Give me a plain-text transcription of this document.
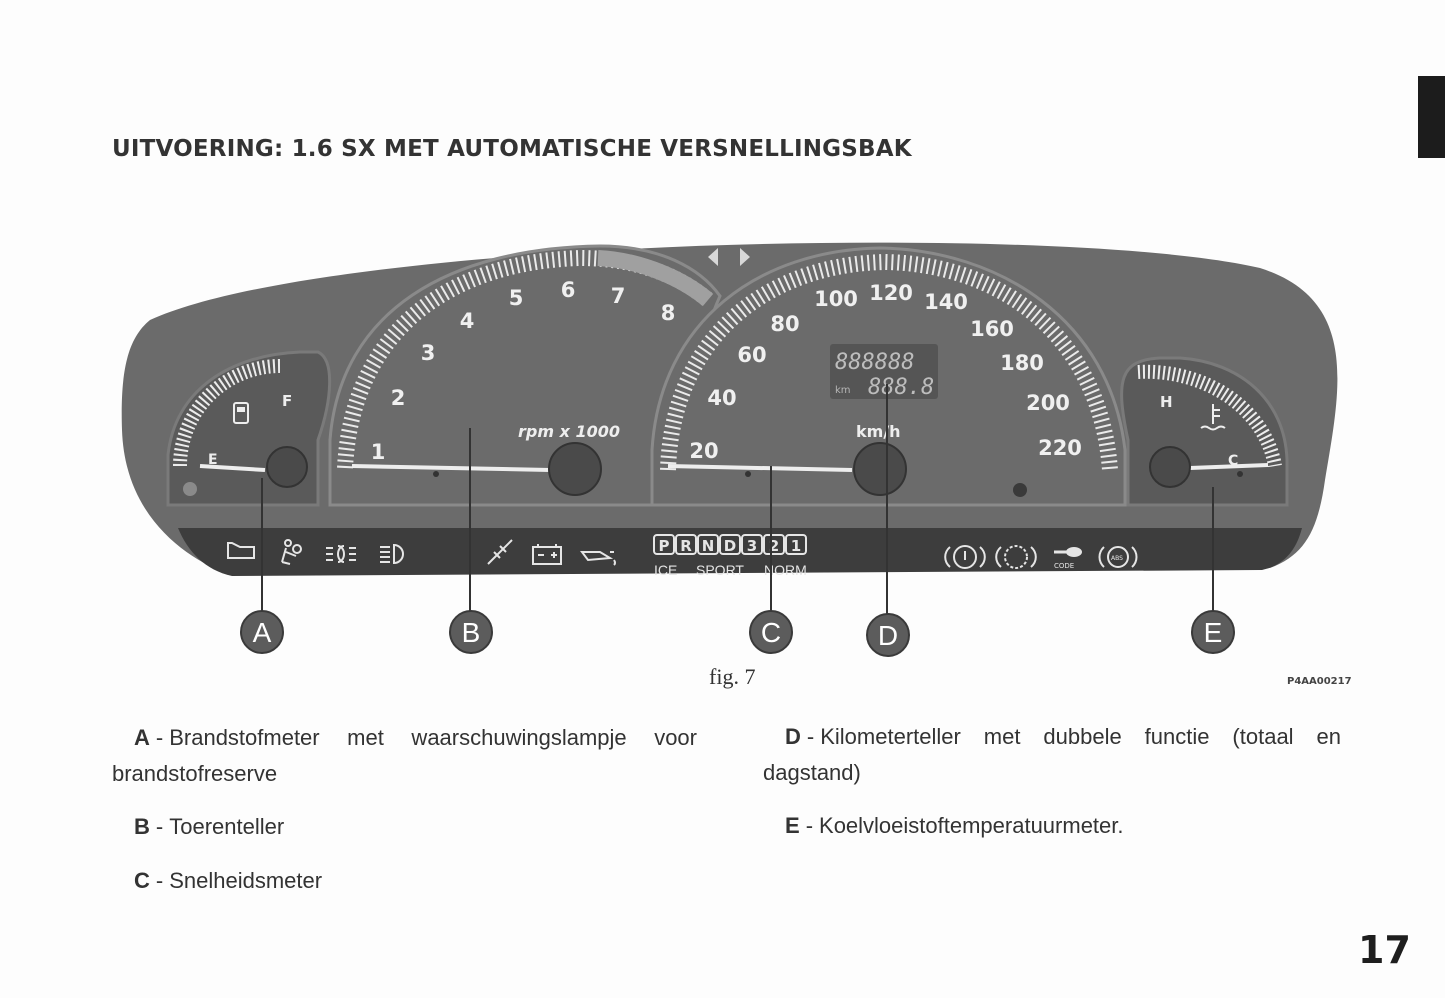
UITVOERING: 1.6 SX MET AUTOMATISCHE VERSNELLINGSBAK
E
F
1
2
3
4
5 6 7
8
rpm x 1000
20
40
60
80
100 120 140
160
180
200
220
km/h
888888
km 888.8
H
C
CODE
ABS
P R N D 3 2 1
ICE SPORT NORM
A	B	C	D	E
fig. 7	P4AA00217
A - Brandstofmeter met waarschuwingslampje voor brandstofreserve
B - Toerenteller
C - Snelheidsmeter
D - Kilometerteller met dubbele functie (totaal en dagstand)
E - Koelvloeistoftemperatuurmeter.
17
